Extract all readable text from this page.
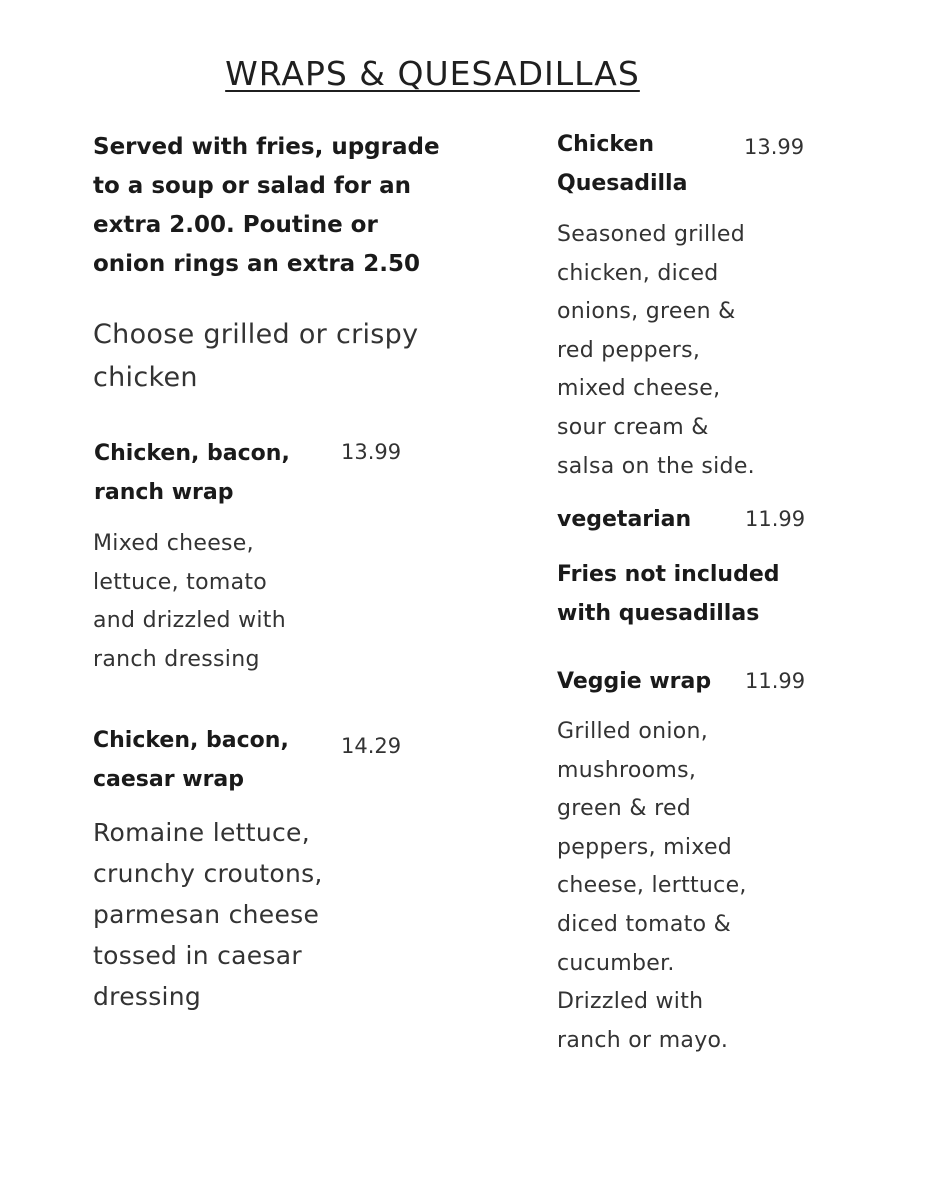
WRAPS & QUESADILLAS
Served with fries, upgrade
to a soup or salad for an
extra 2.00. Poutine or
onion rings an extra 2.50
Choose grilled or crispy
chicken
Chicken, bacon,
ranch wrap
13.99
Mixed cheese,
lettuce, tomato
and drizzled with
ranch dressing
Chicken, bacon,
caesar wrap
14.29
Romaine lettuce,
crunchy croutons,
parmesan cheese
tossed in caesar
dressing
Chicken
Quesadilla
13.99
Seasoned grilled
chicken, diced
onions, green &
red peppers,
mixed cheese,
sour cream &
salsa on the side.
vegetarian	11.99
Fries not included
with quesadillas
Veggie wrap 11.99
Grilled onion,
mushrooms,
green & red
peppers, mixed
cheese, lerttuce,
diced tomato &
cucumber.
Drizzled with
ranch or mayo.
